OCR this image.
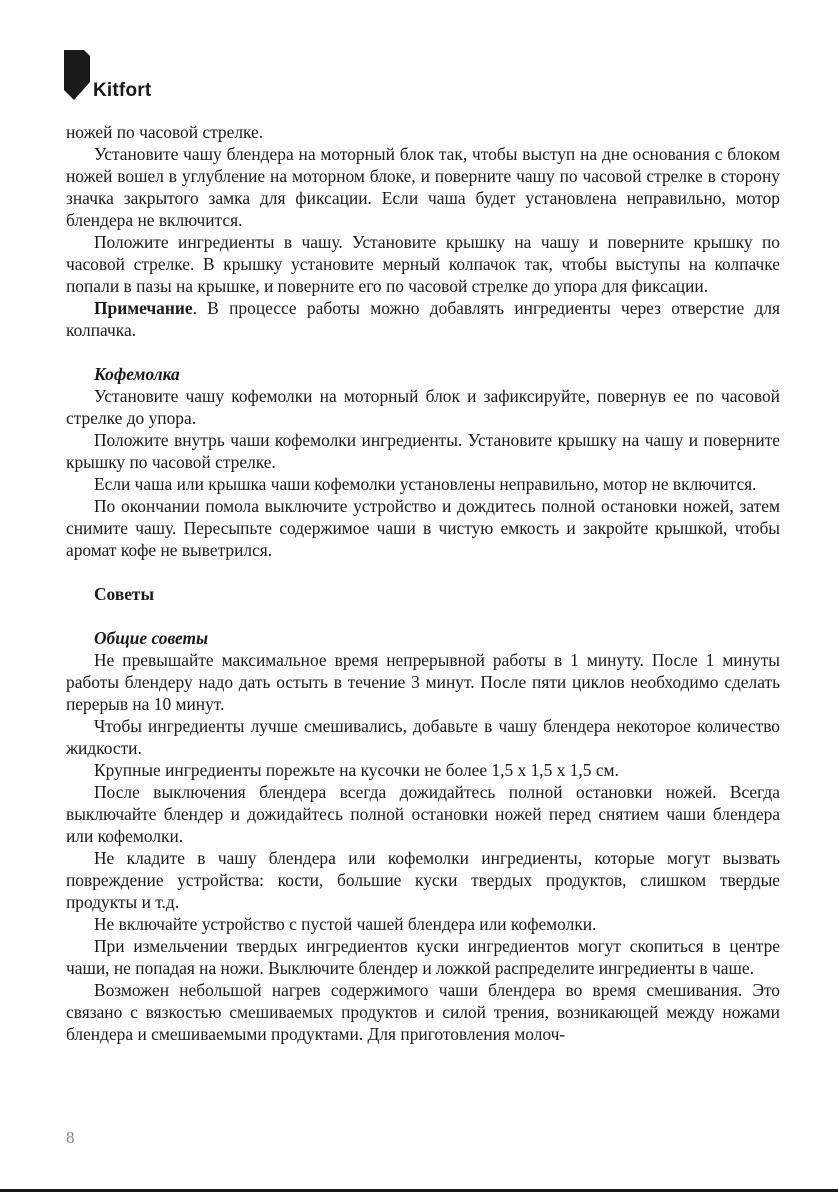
Kitfort

ножей по часовой стрелке.

Установите чашу блендера на моторный блок так, чтобы выступ на дне основания с блоком ножей вошел в углубление на моторном блоке, и поверните чашу по часовой стрелке в сторону значка закрытого замка для фиксации. Если чаша будет установлена неправильно, мотор блендера не включится.

Положите ингредиенты в чашу. Установите крышку на чашу и поверните крышку по часовой стрелке. В крышку установите мерный колпачок так, чтобы выступы на колпачке попали в пазы на крышке, и поверните его по часовой стрелке до упора для фиксации.

Примечание. В процессе работы можно добавлять ингредиенты через отверстие для колпачка.

Кофемолка

Установите чашу кофемолки на моторный блок и зафиксируйте, повернув ее по часовой стрелке до упора.

Положите внутрь чаши кофемолки ингредиенты. Установите крышку на чашу и поверните крышку по часовой стрелке.

Если чаша или крышка чаши кофемолки установлены неправильно, мотор не включится.

По окончании помола выключите устройство и дождитесь полной остановки ножей, затем снимите чашу. Пересыпьте содержимое чаши в чистую емкость и закройте крышкой, чтобы аромат кофе не выветрился.

Советы
Общие советы

Не превышайте максимальное время непрерывной работы в 1 минуту. После 1 минуты работы блендеру надо дать остыть в течение 3 минут. После пяти циклов необходимо сделать перерыв на 10 минут.

Чтобы ингредиенты лучше смешивались, добавьте в чашу блендера некоторое количество жидкости.

Крупные ингредиенты порежьте на кусочки не более 1,5 х 1,5 х 1,5 см.

После выключения блендера всегда дожидайтесь полной остановки ножей. Всегда выключайте блендер и дожидайтесь полной остановки ножей перед снятием чаши блендера или кофемолки.

Не кладите в чашу блендера или кофемолки ингредиенты, которые могут вызвать повреждение устройства: кости, большие куски твердых продуктов, слишком твердые продукты и т.д.

Не включайте устройство с пустой чашей блендера или кофемолки.

При измельчении твердых ингредиентов куски ингредиентов могут скопиться в центре чаши, не попадая на ножи. Выключите блендер и ложкой распределите ингредиенты в чаше.

Возможен небольшой нагрев содержимого чаши блендера во время смешивания. Это связано с вязкостью смешиваемых продуктов и силой трения, возникающей между ножами блендера и смешиваемыми продуктами. Для приготовления молоч-

8
